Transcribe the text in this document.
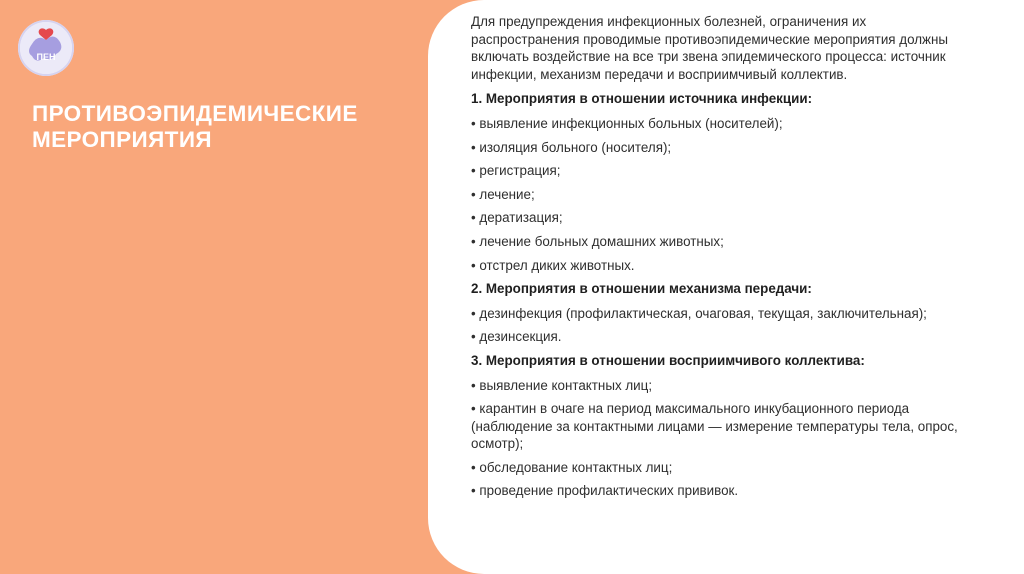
ПЕН
ПРОТИВОЭПИДЕМИЧЕСКИЕ
МЕРОПРИЯТИЯ
Для предупреждения инфекционных болезней, ограничения их распространения проводимые противоэпидемические мероприятия должны включать воздействие на все три звена эпидемического процесса: источник инфекции, механизм передачи и восприимчивый коллектив.
1. Мероприятия в отношении источника инфекции:
• выявление инфекционных больных (носителей);
• изоляция больного (носителя);
• регистрация;
• лечение;
• дератизация;
• лечение больных домашних животных;
• отстрел диких животных.
2. Мероприятия в отношении механизма передачи:
• дезинфекция (профилактическая, очаговая, текущая, заключительная);
• дезинсекция.
3. Мероприятия в отношении восприимчивого коллектива:
• выявление контактных лиц;
• карантин в очаге на период максимального инкубационного периода (наблюдение за контактными лицами — измерение температуры тела, опрос, осмотр);
• обследование контактных лиц;
• проведение профилактических прививок.
